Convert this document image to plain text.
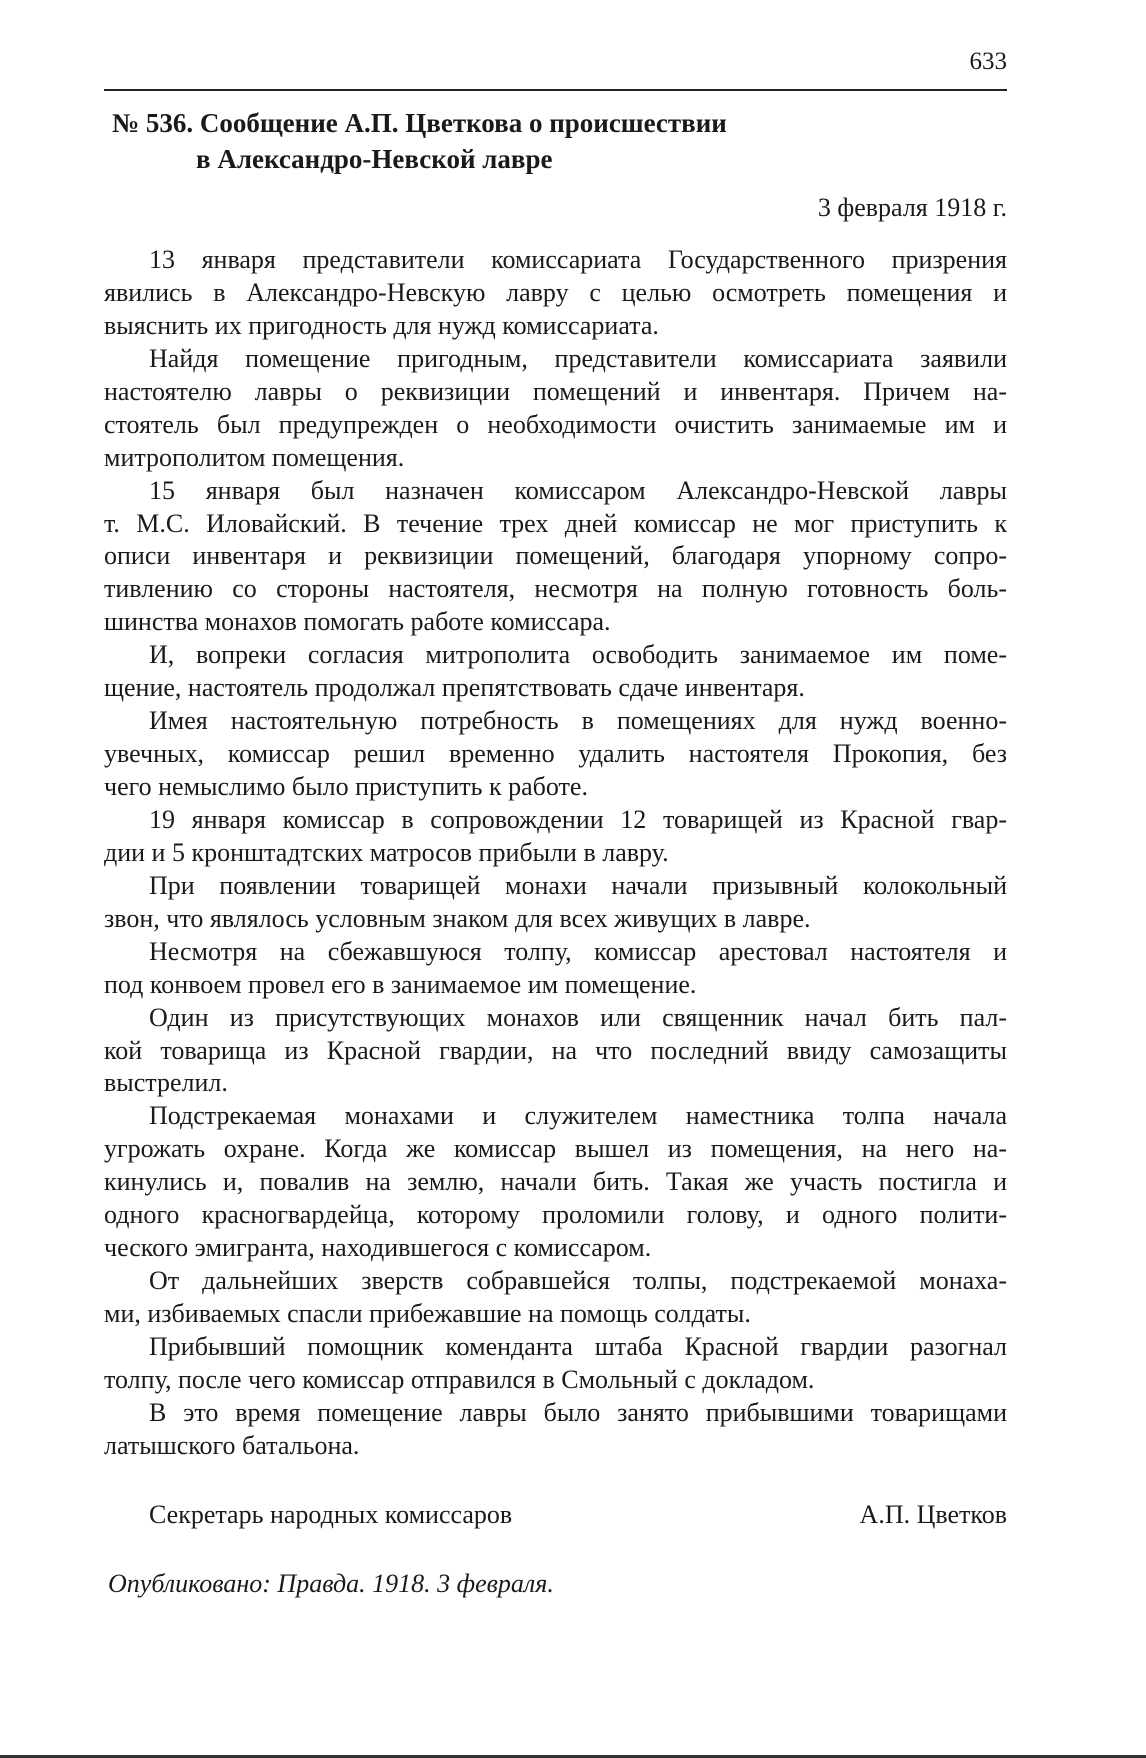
633
№ 536. Сообщение А.П. Цветкова о происшествии
в Александро-Невской лавре
3 февраля 1918 г.
13 января представители комиссариата Государственного призрения
явились в Александро-Невскую лавру с целью осмотреть помещения и
выяснить их пригодность для нужд комиссариата.
Найдя помещение пригодным, представители комиссариата заявили
настоятелю лавры о реквизиции помещений и инвентаря. Причем на-
стоятель был предупрежден о необходимости очистить занимаемые им и
митрополитом помещения.
15 января был назначен комиссаром Александро-Невской лавры
т. М.С. Иловайский. В течение трех дней комиссар не мог приступить к
описи инвентаря и реквизиции помещений, благодаря упорному сопро-
тивлению со стороны настоятеля, несмотря на полную готовность боль-
шинства монахов помогать работе комиссара.
И, вопреки согласия митрополита освободить занимаемое им поме-
щение, настоятель продолжал препятствовать сдаче инвентаря.
Имея настоятельную потребность в помещениях для нужд военно-
увечных, комиссар решил временно удалить настоятеля Прокопия, без
чего немыслимо было приступить к работе.
19 января комиссар в сопровождении 12 товарищей из Красной гвар-
дии и 5 кронштадтских матросов прибыли в лавру.
При появлении товарищей монахи начали призывный колокольный
звон, что являлось условным знаком для всех живущих в лавре.
Несмотря на сбежавшуюся толпу, комиссар арестовал настоятеля и
под конвоем провел его в занимаемое им помещение.
Один из присутствующих монахов или священник начал бить пал-
кой товарища из Красной гвардии, на что последний ввиду самозащиты
выстрелил.
Подстрекаемая монахами и служителем наместника толпа начала
угрожать охране. Когда же комиссар вышел из помещения, на него на-
кинулись и, повалив на землю, начали бить. Такая же участь постигла и
одного красногвардейца, которому проломили голову, и одного полити-
ческого эмигранта, находившегося с комиссаром.
От дальнейших зверств собравшейся толпы, подстрекаемой монаха-
ми, избиваемых спасли прибежавшие на помощь солдаты.
Прибывший помощник коменданта штаба Красной гвардии разогнал
толпу, после чего комиссар отправился в Смольный с докладом.
В это время помещение лавры было занято прибывшими товарищами
латышского батальона.
Секретарь народных комиссаров	А.П. Цветков
Опубликовано: Правда. 1918. 3 февраля.
